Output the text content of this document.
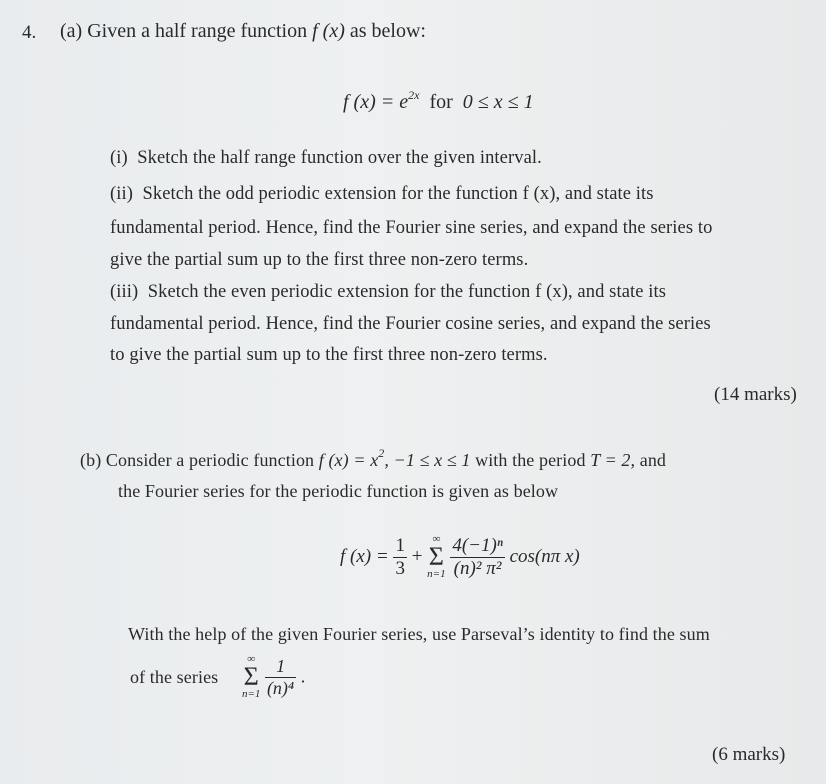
4. (a) Given a half range function f (x) as below:
f $(x) = e^{2x}$ for 0 ≤ x ≤ 1
(i) Sketch the half range function over the given interval.
(ii) Sketch the odd periodic extension for the function f (x), and state its
fundamental period. Hence, find the Fourier sine series, and expand the series to
give the partial sum up to the first three non-zero terms.
(iii) Sketch the even periodic extension for the function f (x), and state its
fundamental period. Hence, find the Fourier cosine series, and expand the series
to give the partial sum up to the first three non-zero terms.
(14 marks)
(b) Consider a periodic function f $(x) = x^2$, −1 ≤ x ≤ 1 with the period T = 2, and
the Fourier series for the periodic function is given as below
f $(x) = \frac{1}{3}$ +
∞
Σ
n=1
$\frac{\text{4(−1)ⁿ}}{\text{(n)² π²}} \cos(n\pi$ x)
With the help of the given Fourier series, use Parseval’s identity to find the sum
of the series
∞
Σ
n=1
$\frac{1}{\text{(n)⁴}}$ .
(6 marks)
